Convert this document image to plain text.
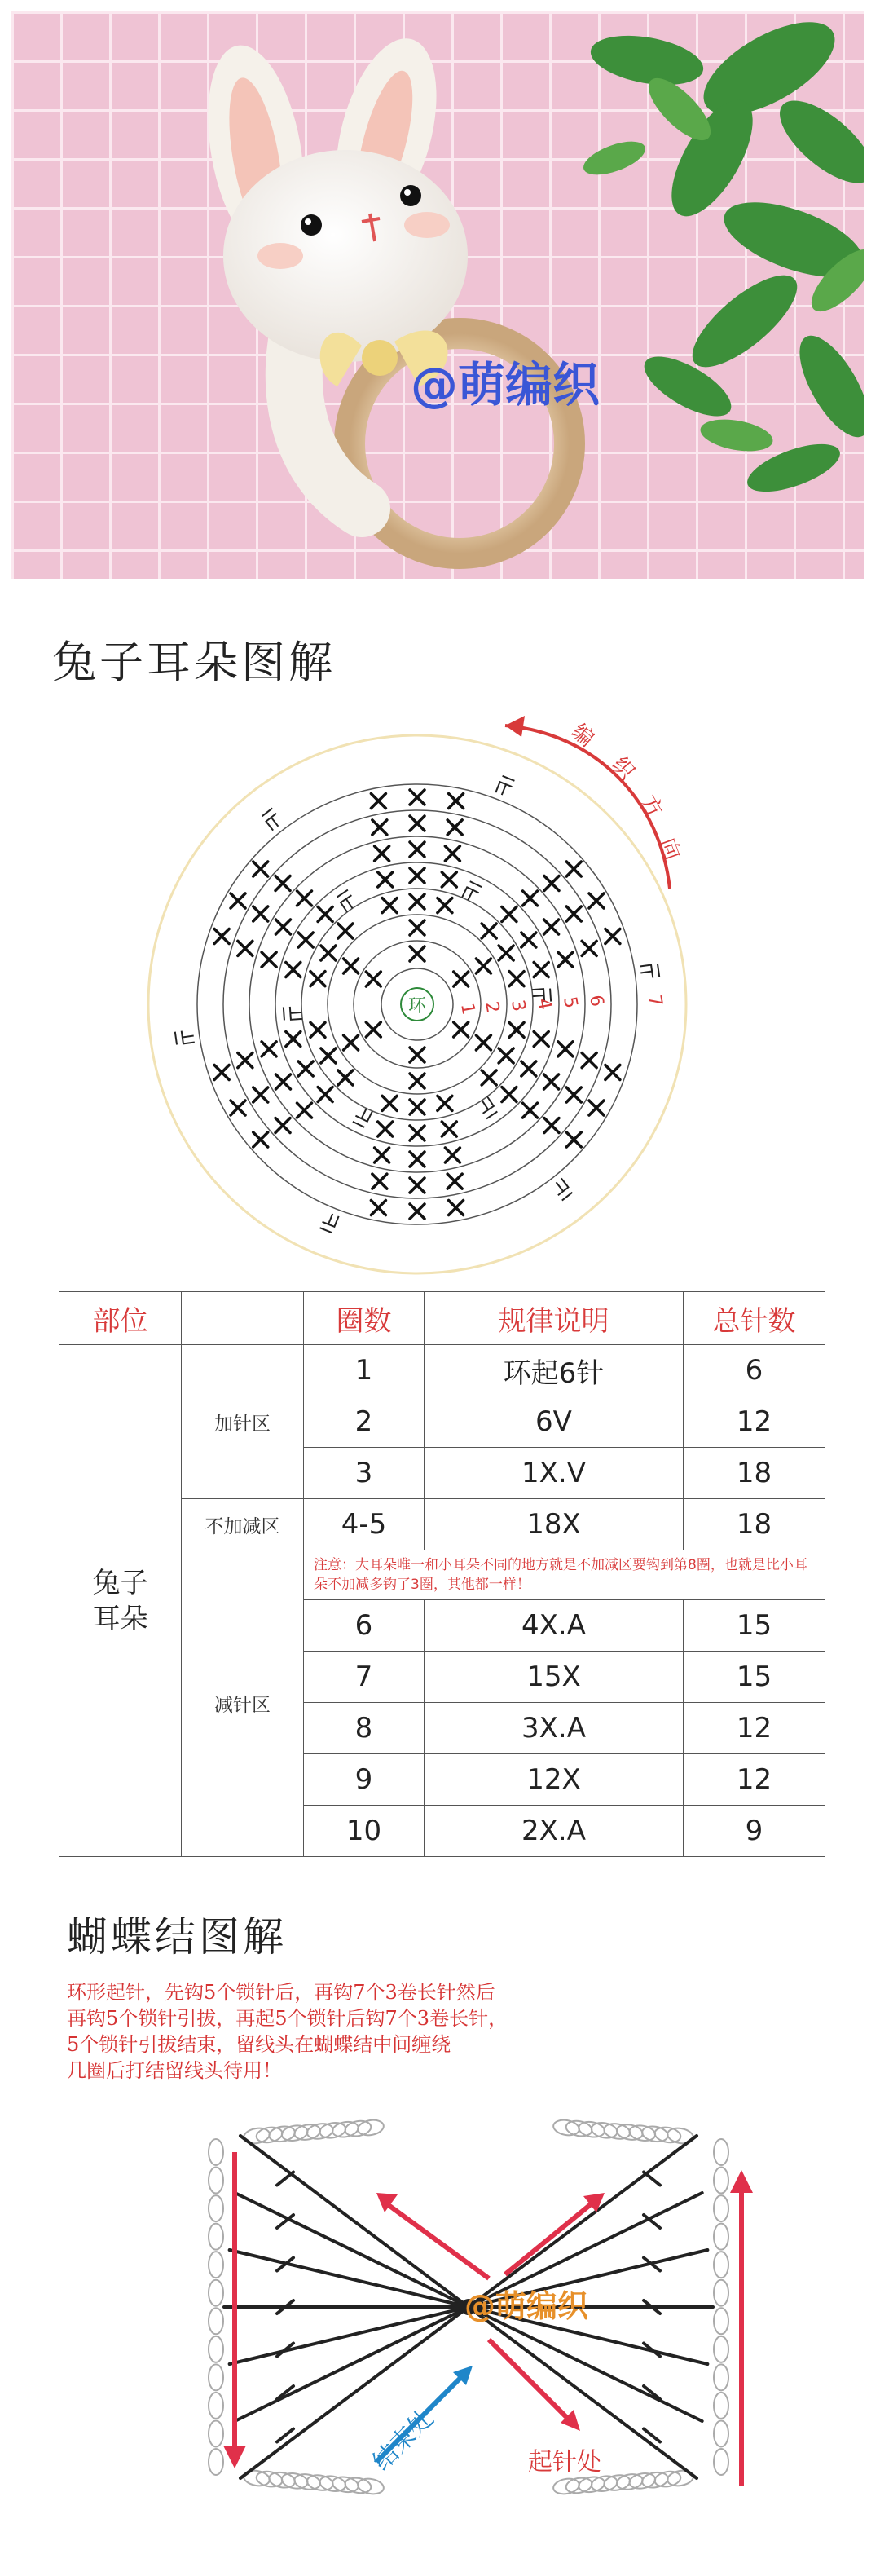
@萌编织
兔子耳朵图解
环 1 2 3 4 5 6 7
编
织
方
向
部位		圈数	规律说明	总针数
兔子耳朵	加针区	1	环起6针	6
		2	6V	12
		3	1X.V	18
	不加减区	4-5	18X	18
	减针区	注意：大耳朵唯一和小耳朵不同的地方就是不加减区要钩到第8圈，也就是比小耳朵不加减多钩了3圈，其他都一样！		
		6	4X.A	15
		7	15X	15
		8	3X.A	12
		9	12X	12
		10	2X.A	9
蝴蝶结图解
环形起针，先钩5个锁针后，再钩7个3卷长针然后
再钩5个锁针引拔，再起5个锁针后钩7个3卷长针，
5个锁针引拔结束，留线头在蝴蝶结中间缠绕
几圈后打结留线头待用！
@萌编织
结束处	起针处
